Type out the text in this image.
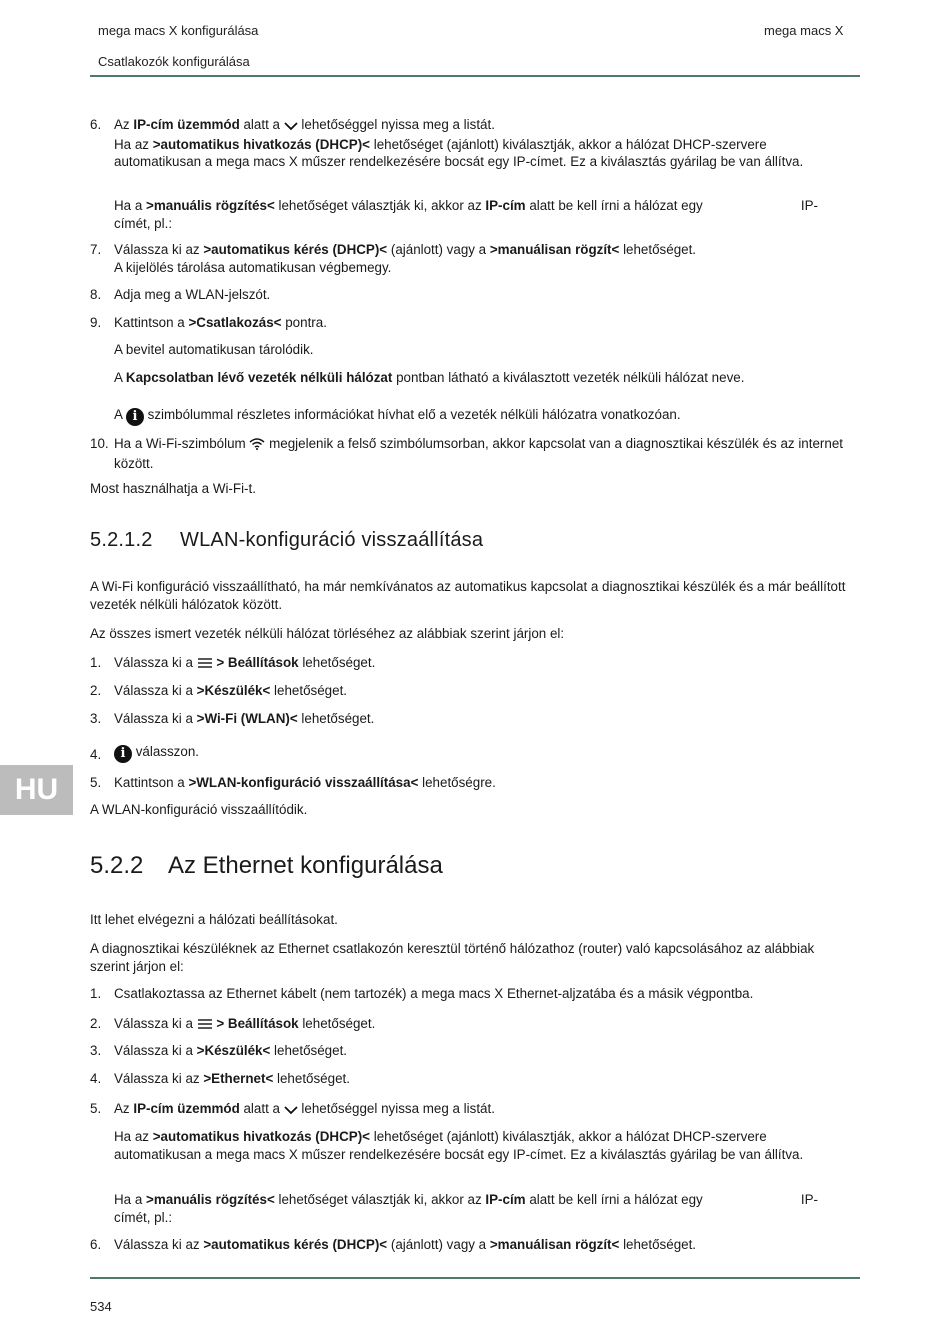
mega macs X konfigurálása	mega macs X
Csatlakozók konfigurálása
6. Az IP-cím üzemmód alatt a  lehetőséggel nyissa meg a listát.
Ha az >automatikus hivatkozás (DHCP)< lehetőséget (ajánlott) kiválasztják, akkor a hálózat DHCP-szervere automatikusan a mega macs X műszer rendelkezésére bocsát egy IP-címet. Ez a kiválasztás gyárilag be van állítva.
Ha a >manuális rögzítés< lehetőséget választják ki, akkor az IP-cím alatt be kell írni a hálózat egy	IP-

címét, pl.:
7. Válassza ki az >automatikus kérés (DHCP)< (ajánlott) vagy a >manuálisan rögzít< lehetőséget.
A kijelölés tárolása automatikusan végbemegy.
8. Adja meg a WLAN-jelszót.
9. Kattintson a >Csatlakozás< pontra.
A bevitel automatikusan tárolódik.
A Kapcsolatban lévő vezeték nélküli hálózat pontban látható a kiválasztott vezeték nélküli hálózat neve.
A i szimbólummal részletes információkat hívhat elő a vezeték nélküli hálózatra vonatkozóan.
10. Ha a Wi-Fi-szimbólum  megjelenik a felső szimbólumsorban, akkor kapcsolat van a diagnosztikai készülék és az internet között.
Most használhatja a Wi-Fi-t.
5.2.1.2 WLAN-konfiguráció visszaállítása
A Wi-Fi konfiguráció visszaállítható, ha már nemkívánatos az automatikus kapcsolat a diagnosztikai készülék és a már beállított vezeték nélküli hálózatok között.
Az összes ismert vezeték nélküli hálózat törléséhez az alábbiak szerint járjon el:
1. Válassza ki a  > Beállítások lehetőséget.
2. Válassza ki a >Készülék< lehetőséget.
3. Válassza ki a >Wi-Fi (WLAN)< lehetőséget.
4.	i válasszon.
5. Kattintson a >WLAN-konfiguráció visszaállítása< lehetőségre.
A WLAN-konfiguráció visszaállítódik.
HU
5.2.2 Az Ethernet konfigurálása
Itt lehet elvégezni a hálózati beállításokat.
A diagnosztikai készüléknek az Ethernet csatlakozón keresztül történő hálózathoz (router) való kapcsolásához az alábbiak szerint járjon el:
1. Csatlakoztassa az Ethernet kábelt (nem tartozék) a mega macs X Ethernet-aljzatába és a másik végpontba.
2. Válassza ki a  > Beállítások lehetőséget.
3. Válassza ki a >Készülék< lehetőséget.
4. Válassza ki az >Ethernet< lehetőséget.
5. Az IP-cím üzemmód alatt a  lehetőséggel nyissa meg a listát.
Ha az >automatikus hivatkozás (DHCP)< lehetőséget (ajánlott) kiválasztják, akkor a hálózat DHCP-szervere automatikusan a mega macs X műszer rendelkezésére bocsát egy IP-címet. Ez a kiválasztás gyárilag be van állítva.
Ha a >manuális rögzítés< lehetőséget választják ki, akkor az IP-cím alatt be kell írni a hálózat egy	IP-

címét, pl.:
6. Válassza ki az >automatikus kérés (DHCP)< (ajánlott) vagy a >manuálisan rögzít< lehetőséget.
534
